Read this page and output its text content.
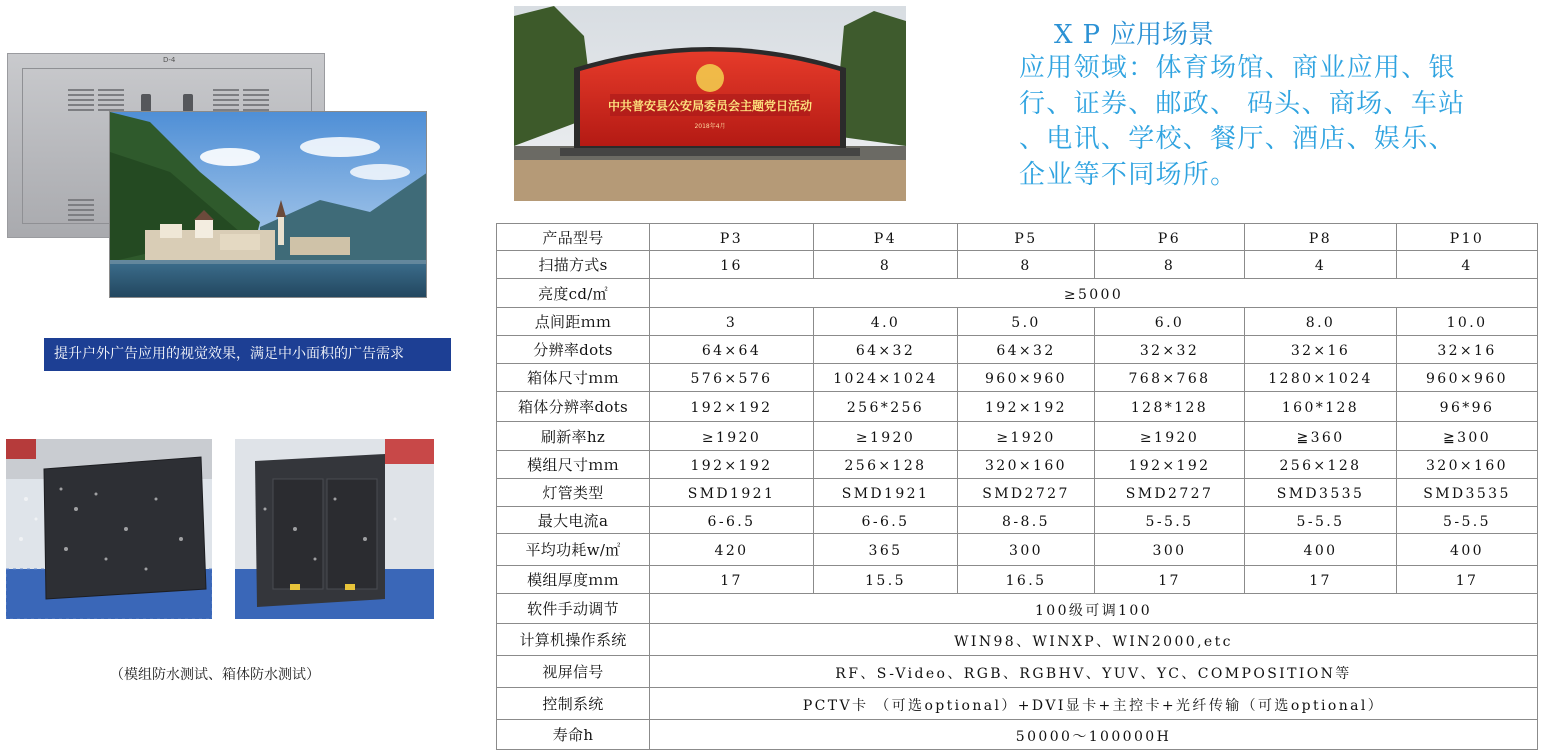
D-4
提升户外广告应用的视觉效果，满足中小面积的广告需求
（模组防水测试、箱体防水测试）
中共普安县公安局委员会主题党日活动
2018年4月
XP应用场景
应用领域：体育场馆、商业应用、银
行、证券、邮政、 码头、商场、车站
、电讯、学校、餐厅、酒店、娱乐、
企业等不同场所。
产品型号	P3	P4	P5	P6	P8	P10
扫描方式s	16	8	8	8	4	4
亮度cd/㎡	≥5000					
点间距ｍｍ	3	4.0	5.0	6.0	8.0	10.0
分辨率dots	64×64	64×32	64×32	32×32	32×16	32×16
箱体尺寸ｍｍ	576×576	1024×1024	960×960	768×768	1280×1024	960×960
箱体分辨率dots	192×192	256*256	192×192	128*128	160*128	96*96
刷新率hz	≥1920	≥1920	≥1920	≥1920	≧360	≧300
模组尺寸ｍｍ	192×192	256×128	320×160	192×192	256×128	320×160
灯管类型	SMD1921	SMD1921	SMD2727	SMD2727	SMD3535	SMD3535
最大电流a	6-6.5	6-6.5	8-8.5	5-5.5	5-5.5	5-5.5
平均功耗w/㎡	420	365	300	300	400	400
模组厚度ｍｍ	17	15.5	16.5	17	17	17
软件手动调节	100级可调100					
计算机操作系统	WIN98、WINXP、WIN2000,etc					
视屏信号	RF、S-Video、RGB、RGBHV、YUV、YC、COMPOSITION等					
控制系统	PCTV卡 （可选optional）+DVI显卡+主控卡+光纤传输（可选optional）					
寿命h	50000～100000H					
